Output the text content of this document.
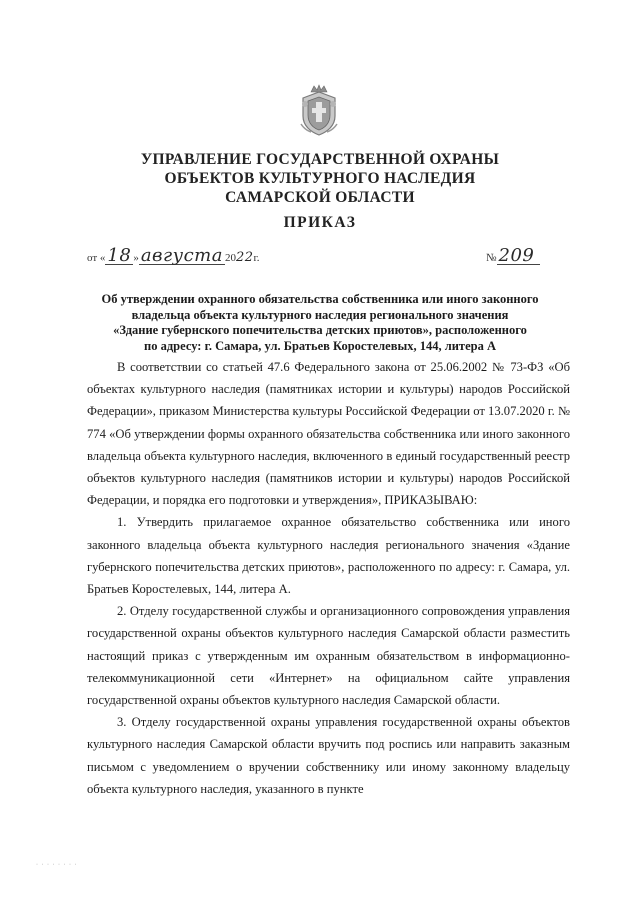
УПРАВЛЕНИЕ ГОСУДАРСТВЕННОЙ ОХРАНЫ
ОБЪЕКТОВ КУЛЬТУРНОГО НАСЛЕДИЯ
САМАРСКОЙ ОБЛАСТИ
ПРИКАЗ
от « 18 » августа 2022г.	№ 209
Об утверждении охранного обязательства собственника или иного законного
владельца объекта культурного наследия регионального значения
«Здание губернского попечительства детских приютов», расположенного
по адресу: г. Самара, ул. Братьев Коростелевых, 144, литера А

В соответствии со статьей 47.6 Федерального закона от 25.06.2002 № 73-ФЗ «Об объектах культурного наследия (памятниках истории и культуры) народов Российской Федерации», приказом Министерства культуры Российской Федерации от 13.07.2020 г. № 774 «Об утверждении формы охранного обязательства собственника или иного законного владельца объекта культурного наследия, включенного в единый государственный реестр объектов культурного наследия (памятников истории и культуры) народов Российской Федерации, и порядка его подготовки и утверждения», ПРИКАЗЫВАЮ:

1. Утвердить прилагаемое охранное обязательство собственника или иного законного владельца объекта культурного наследия регионального значения «Здание губернского попечительства детских приютов», расположенного по адресу: г. Самара, ул. Братьев Коростелевых, 144, литера А.

2. Отделу государственной службы и организационного сопровождения управления государственной охраны объектов культурного наследия Самарской области разместить настоящий приказ с утвержденным им охранным обязательством в информационно-телекоммуникационной сети «Интернет» на официальном сайте управления государственной охраны объектов культурного наследия Самарской области.

3. Отделу государственной охраны управления государственной охраны объектов культурного наследия Самарской области вручить под роспись или направить заказным письмом с уведомлением о вручении собственнику или иному законному владельцу объекта культурного наследия, указанного в пункте

· · · · · · · ·
